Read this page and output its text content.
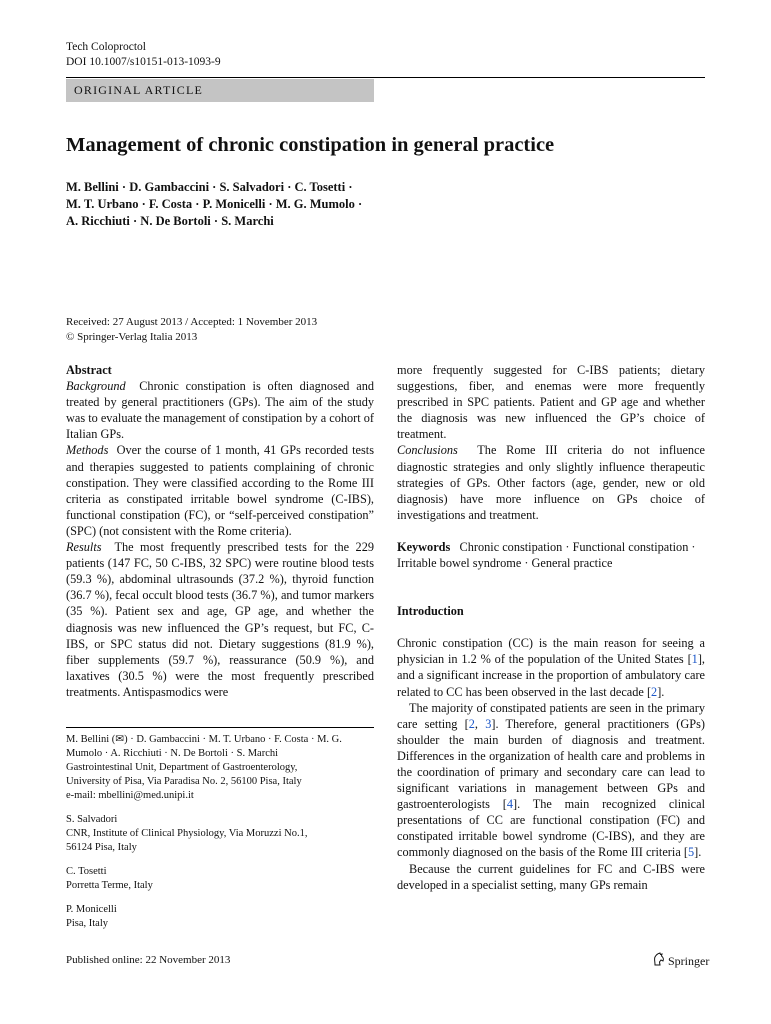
Tech Coloproctol
DOI 10.1007/s10151-013-1093-9
ORIGINAL ARTICLE
Management of chronic constipation in general practice
M. Bellini · D. Gambaccini · S. Salvadori · C. Tosetti ·
M. T. Urbano · F. Costa · P. Monicelli · M. G. Mumolo ·
A. Ricchiuti · N. De Bortoli · S. Marchi
Received: 27 August 2013 / Accepted: 1 November 2013
© Springer-Verlag Italia 2013

Abstract

Background Chronic constipation is often diagnosed and treated by general practitioners (GPs). The aim of the study was to evaluate the management of constipation by a cohort of Italian GPs.

Methods Over the course of 1 month, 41 GPs recorded tests and therapies suggested to patients complaining of chronic constipation. They were classified according to the Rome III criteria as constipated irritable bowel syndrome (C-IBS), functional constipation (FC), or “self-perceived constipation” (SPC) (not consistent with the Rome criteria).

Results The most frequently prescribed tests for the 229 patients (147 FC, 50 C-IBS, 32 SPC) were routine blood tests (59.3 %), abdominal ultrasounds (37.2 %), thyroid function (36.7 %), fecal occult blood tests (36.7 %), and tumor markers (35 %). Patient sex and age, GP age, and whether the diagnosis was new influenced the GP’s request, but FC, C-IBS, or SPC status did not. Dietary suggestions (81.9 %), fiber supplements (59.7 %), reassurance (50.9 %), and laxatives (30.5 %) were the most frequently prescribed treatments. Antispasmodics were

M. Bellini (✉) · D. Gambaccini · M. T. Urbano · F. Costa · M. G. Mumolo · A. Ricchiuti · N. De Bortoli · S. Marchi
Gastrointestinal Unit, Department of Gastroenterology,
University of Pisa, Via Paradisa No. 2, 56100 Pisa, Italy
e-mail: mbellini@med.unipi.it

S. Salvadori
CNR, Institute of Clinical Physiology, Via Moruzzi No.1,
56124 Pisa, Italy

C. Tosetti
Porretta Terme, Italy

P. Monicelli
Pisa, Italy

more frequently suggested for C-IBS patients; dietary suggestions, fiber, and enemas were more frequently prescribed in SPC patients. Patient and GP age and whether the diagnosis was new influenced the GP’s choice of treatment.

Conclusions The Rome III criteria do not influence diagnostic strategies and only slightly influence therapeutic strategies of GPs. Other factors (age, gender, new or old diagnosis) have more influence on GPs choice of investigations and treatment.

Keywords Chronic constipation · Functional constipation · Irritable bowel syndrome · General practice

Introduction

Chronic constipation (CC) is the main reason for seeing a physician in 1.2 % of the population of the United States [1], and a significant increase in the proportion of ambulatory care related to CC has been observed in the last decade [2].

The majority of constipated patients are seen in the primary care setting [2, 3]. Therefore, general practitioners (GPs) shoulder the main burden of diagnosis and treatment. Differences in the organization of health care and problems in the coordination of primary and secondary care can lead to significant variations in management between GPs and gastroenterologists [4]. The main recognized clinical presentations of CC are functional constipation (FC) and constipated irritable bowel syndrome (C-IBS), and they are commonly diagnosed on the basis of the Rome III criteria [5].

Because the current guidelines for FC and C-IBS were developed in a specialist setting, many GPs remain

Published online: 22 November 2013	Springer
